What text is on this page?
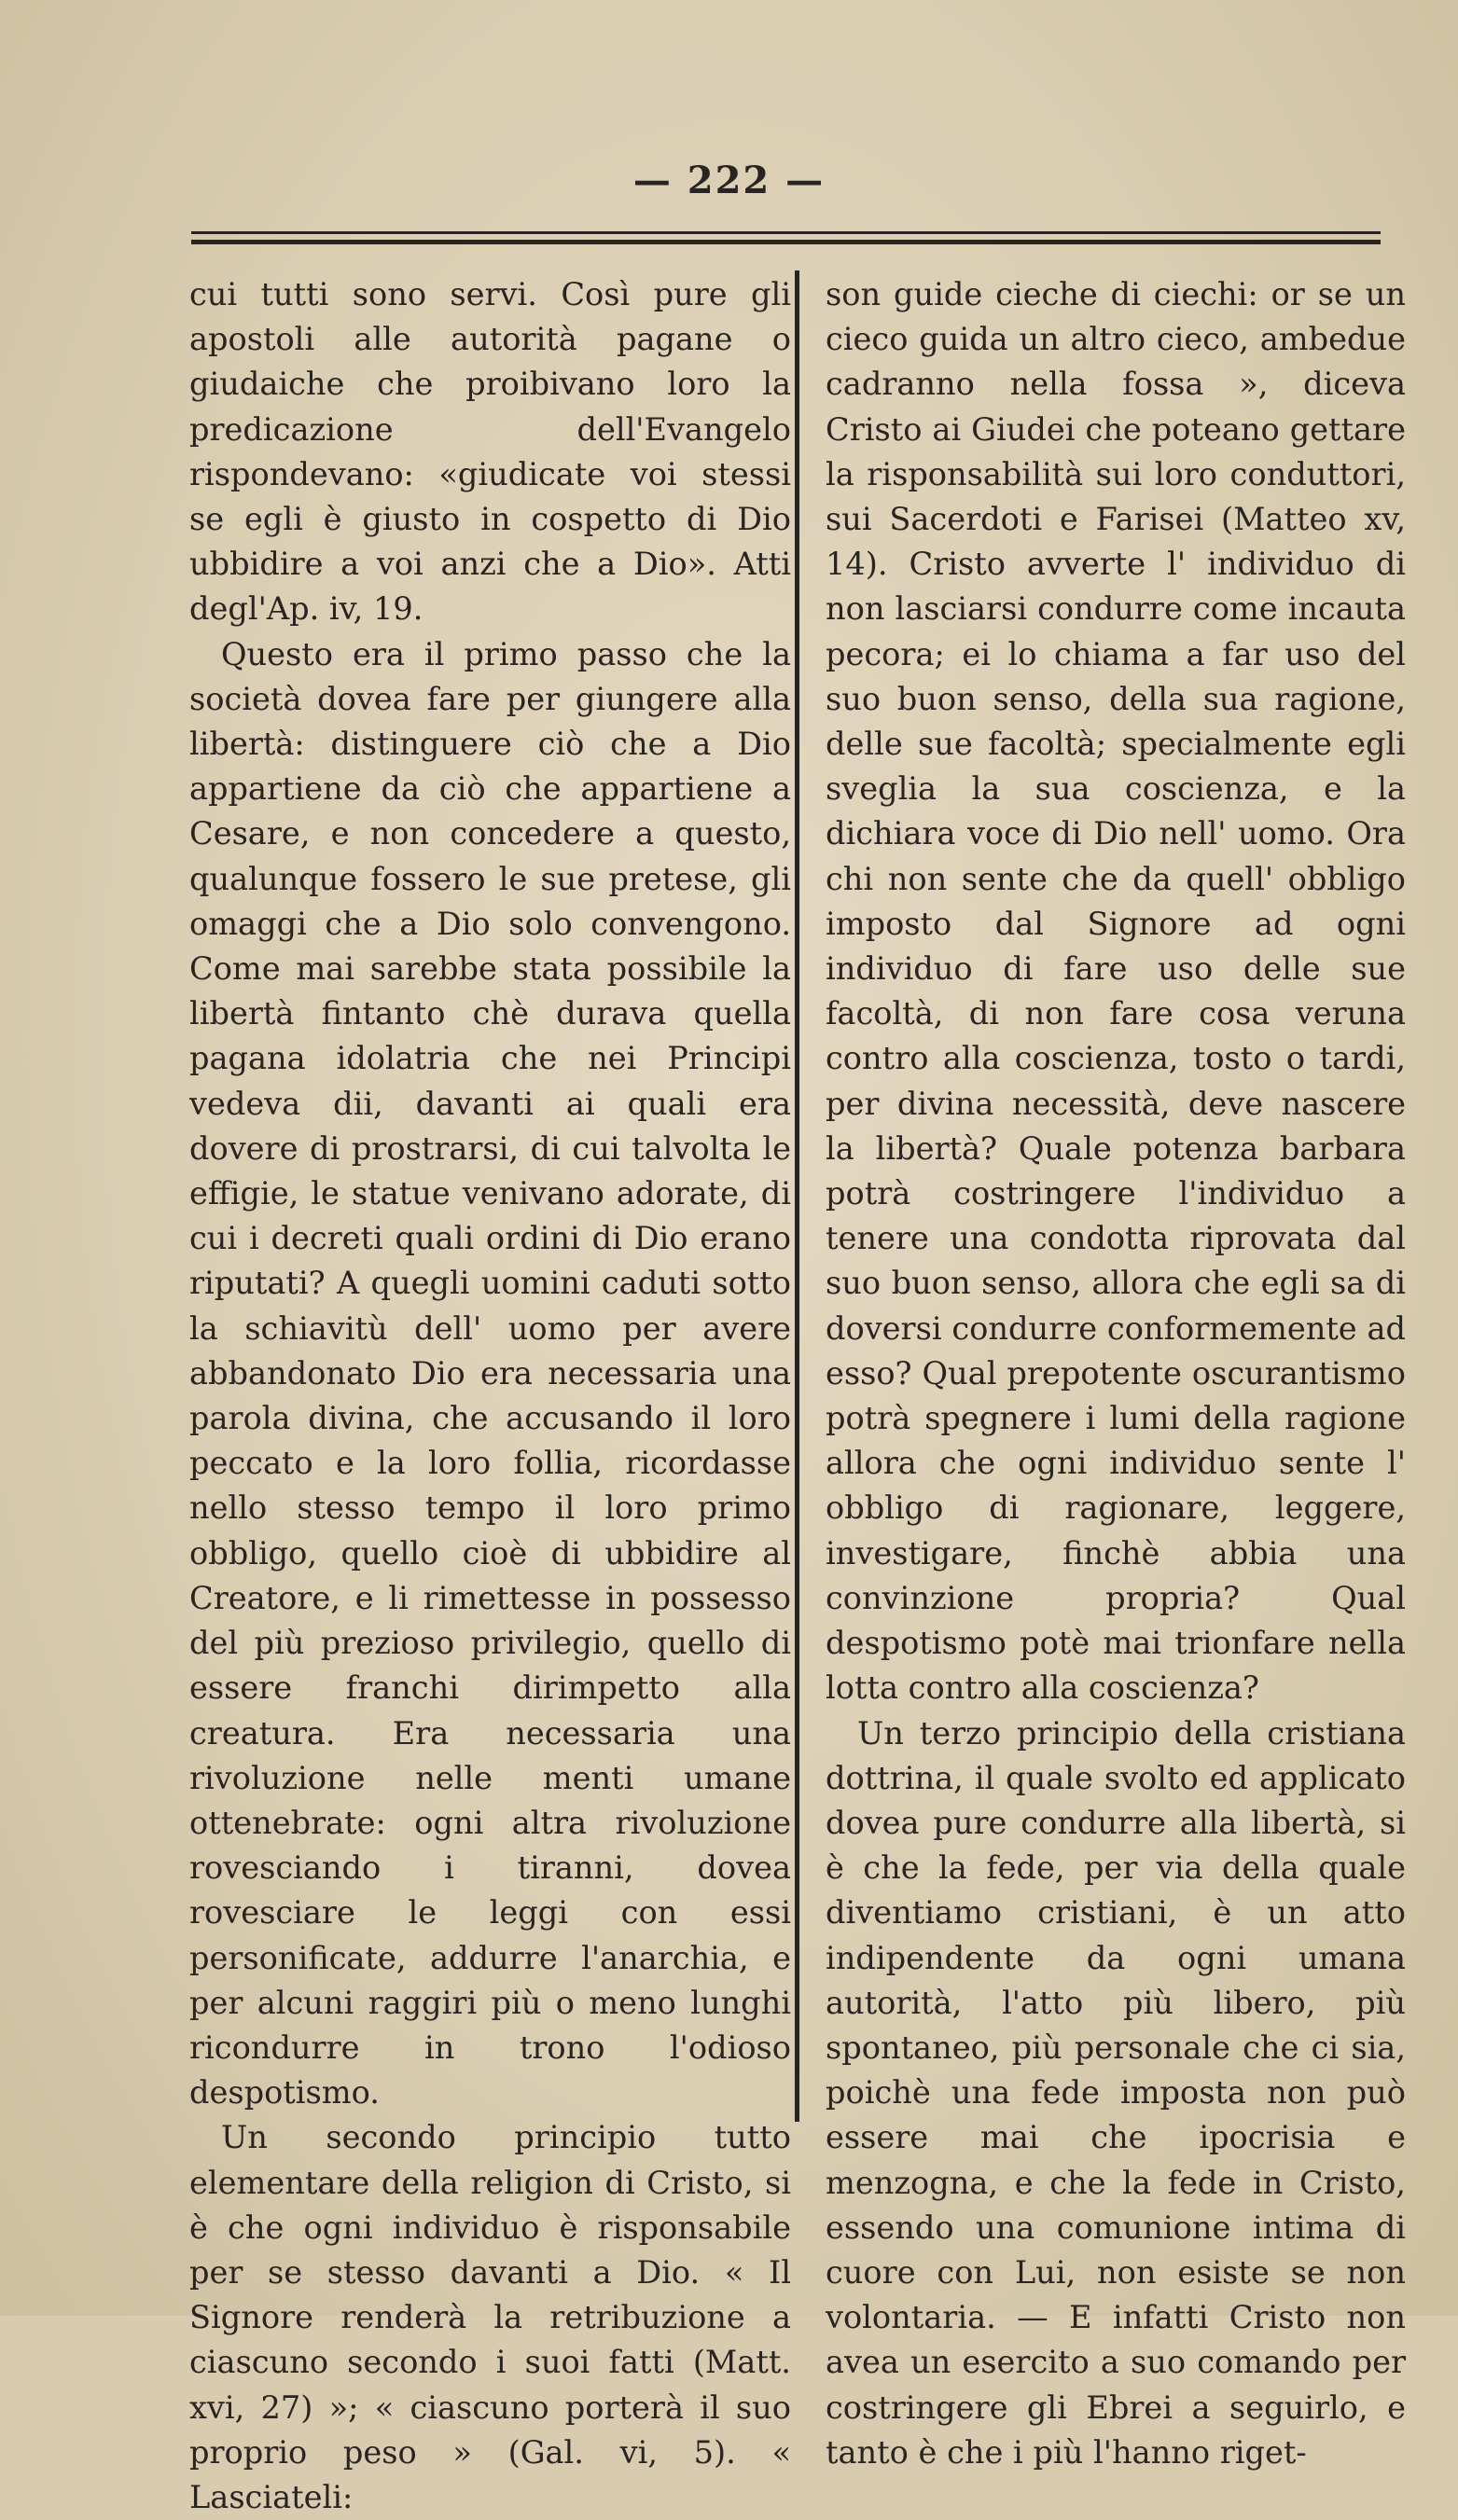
— 222 —

cui tutti sono servi. Così pure gli apostoli alle autorità pagane o giudaiche che proibivano loro la predicazione dell'Evangelo rispondevano: «giudicate voi stessi se egli è giusto in cospetto di Dio ubbidire a voi anzi che a Dio». Atti degl'Ap. iv, 19.

Questo era il primo passo che la società dovea fare per giungere alla libertà: distinguere ciò che a Dio appartiene da ciò che appartiene a Cesare, e non concedere a questo, qualunque fossero le sue pretese, gli omaggi che a Dio solo convengono. Come mai sarebbe stata possibile la libertà fintanto chè durava quella pagana idolatria che nei Principi vedeva dii, davanti ai quali era dovere di prostrarsi, di cui talvolta le effigie, le statue venivano adorate, di cui i decreti quali ordini di Dio erano riputati? A quegli uomini caduti sotto la schiavitù dell' uomo per avere abbandonato Dio era necessaria una parola divina, che accusando il loro peccato e la loro follia, ricordasse nello stesso tempo il loro primo obbligo, quello cioè di ubbidire al Creatore, e li rimettesse in possesso del più prezioso privilegio, quello di essere franchi dirimpetto alla creatura. Era necessaria una rivoluzione nelle menti umane ottenebrate: ogni altra rivoluzione rovesciando i tiranni, dovea rovesciare le leggi con essi personificate, addurre l'anarchia, e per alcuni raggiri più o meno lunghi ricondurre in trono l'odioso despotismo.

Un secondo principio tutto elementare della religion di Cristo, si è che ogni individuo è risponsabile per se stesso davanti a Dio. « Il Signore renderà la retribuzione a ciascuno secondo i suoi fatti (Matt. xvi, 27) »; « ciascuno porterà il suo proprio peso » (Gal. vi, 5). « Lasciateli:

son guide cieche di ciechi: or se un cieco guida un altro cieco, ambedue cadranno nella fossa », diceva Cristo ai Giudei che poteano gettare la risponsabilità sui loro conduttori, sui Sacerdoti e Farisei (Matteo xv, 14). Cristo avverte l' individuo di non lasciarsi condurre come incauta pecora; ei lo chiama a far uso del suo buon senso, della sua ragione, delle sue facoltà; specialmente egli sveglia la sua coscienza, e la dichiara voce di Dio nell' uomo. Ora chi non sente che da quell' obbligo imposto dal Signore ad ogni individuo di fare uso delle sue facoltà, di non fare cosa veruna contro alla coscienza, tosto o tardi, per divina necessità, deve nascere la libertà? Quale potenza barbara potrà costringere l'individuo a tenere una condotta riprovata dal suo buon senso, allora che egli sa di doversi condurre conformemente ad esso? Qual prepotente oscurantismo potrà spegnere i lumi della ragione allora che ogni individuo sente l' obbligo di ragionare, leggere, investigare, finchè abbia una convinzione propria? Qual despotismo potè mai trionfare nella lotta contro alla coscienza?

Un terzo principio della cristiana dottrina, il quale svolto ed applicato dovea pure condurre alla libertà, si è che la fede, per via della quale diventiamo cristiani, è un atto indipendente da ogni umana autorità, l'atto più libero, più spontaneo, più personale che ci sia, poichè una fede imposta non può essere mai che ipocrisia e menzogna, e che la fede in Cristo, essendo una comunione intima di cuore con Lui, non esiste se non volontaria. — E infatti Cristo non avea un esercito a suo comando per costringere gli Ebrei a seguirlo, e tanto è che i più l'hanno riget-
